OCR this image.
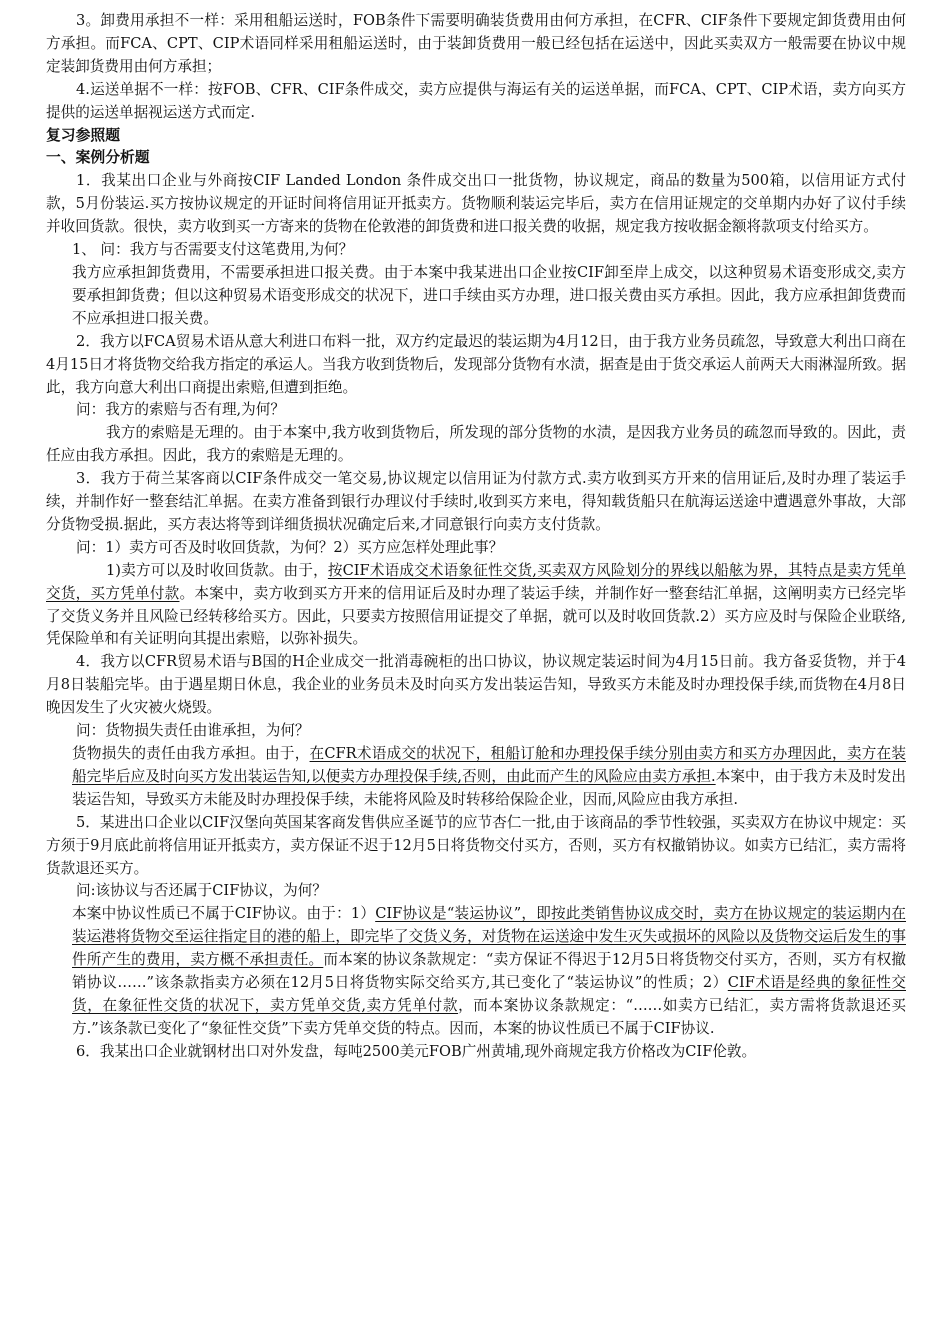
3。卸费用承担不一样：采用租船运送时，FOB条件下需要明确装货费用由何方承担，在CFR、CIF条件下要规定卸货费用由何方承担。而FCA、CPT、CIP术语同样采用租船运送时，由于装卸货费用一般已经包括在运送中，因此买卖双方一般需要在协议中规定装卸货费用由何方承担；

4.运送单据不一样：按FOB、CFR、CIF条件成交，卖方应提供与海运有关的运送单据，而FCA、CPT、CIP术语，卖方向买方提供的运送单据视运送方式而定.

复习参照题

一、案例分析题

1．我某出口企业与外商按CIF Landed London 条件成交出口一批货物，协议规定，商品的数量为500箱，以信用证方式付款，5月份装运.买方按协议规定的开证时间将信用证开抵卖方。货物顺利装运完毕后，卖方在信用证规定的交单期内办好了议付手续并收回货款。很快，卖方收到买一方寄来的货物在伦敦港的卸货费和进口报关费的收据，规定我方按收据金额将款项支付给买方。

1、 问：我方与否需要支付这笔费用,为何？

我方应承担卸货费用，不需要承担进口报关费。由于本案中我某进出口企业按CIF卸至岸上成交，以这种贸易术语变形成交,卖方要承担卸货费；但以这种贸易术语变形成交的状况下，进口手续由买方办理，进口报关费由买方承担。因此，我方应承担卸货费而不应承担进口报关费。

2．我方以FCA贸易术语从意大利进口布料一批，双方约定最迟的装运期为4月12日，由于我方业务员疏忽，导致意大利出口商在4月15日才将货物交给我方指定的承运人。当我方收到货物后，发现部分货物有水渍，据查是由于货交承运人前两天大雨淋湿所致。据此，我方向意大利出口商提出索赔,但遭到拒绝。

问：我方的索赔与否有理,为何？

我方的索赔是无理的。由于本案中,我方收到货物后，所发现的部分货物的水渍，是因我方业务员的疏忽而导致的。因此，责任应由我方承担。因此，我方的索赔是无理的。

3．我方于荷兰某客商以CIF条件成交一笔交易,协议规定以信用证为付款方式.卖方收到买方开来的信用证后,及时办理了装运手续，并制作好一整套结汇单据。在卖方准备到银行办理议付手续时,收到买方来电，得知载货船只在航海运送途中遭遇意外事故，大部分货物受损.据此，买方表达将等到详细货损状况确定后来,才同意银行向卖方支付货款。

问：1）卖方可否及时收回货款，为何？2）买方应怎样处理此事？

1)卖方可以及时收回货款。由于，按CIF术语成交术语象征性交货,买卖双方风险划分的界线以船舷为界，其特点是卖方凭单交货，买方凭单付款。本案中，卖方收到买方开来的信用证后及时办理了装运手续，并制作好一整套结汇单据，这阐明卖方已经完毕了交货义务并且风险已经转移给买方。因此，只要卖方按照信用证提交了单据，就可以及时收回货款.2）买方应及时与保险企业联络,凭保险单和有关证明向其提出索赔，以弥补损失。

4．我方以CFR贸易术语与B国的H企业成交一批消毒碗柜的出口协议，协议规定装运时间为4月15日前。我方备妥货物，并于4月8日装船完毕。由于遇星期日休息，我企业的业务员未及时向买方发出装运告知，导致买方未能及时办理投保手续,而货物在4月8日晚因发生了火灾被火烧毁。

问：货物损失责任由谁承担，为何？

货物损失的责任由我方承担。由于，在CFR术语成交的状况下，租船订舱和办理投保手续分别由卖方和买方办理因此，卖方在装船完毕后应及时向买方发出装运告知,以便卖方办理投保手续,否则，由此而产生的风险应由卖方承担.本案中，由于我方未及时发出装运告知，导致买方未能及时办理投保手续，未能将风险及时转移给保险企业，因而,风险应由我方承担.

5．某进出口企业以CIF汉堡向英国某客商发售供应圣诞节的应节杏仁一批,由于该商品的季节性较强，买卖双方在协议中规定：买方须于9月底此前将信用证开抵卖方，卖方保证不迟于12月5日将货物交付买方，否则，买方有权撤销协议。如卖方已结汇，卖方需将货款退还买方。

问:该协议与否还属于CIF协议，为何？

本案中协议性质已不属于CIF协议。由于：1）CIF协议是“装运协议”，即按此类销售协议成交时，卖方在协议规定的装运期内在装运港将货物交至运往指定目的港的船上，即完毕了交货义务，对货物在运送途中发生灭失或损坏的风险以及货物交运后发生的事件所产生的费用，卖方概不承担责任。而本案的协议条款规定：“卖方保证不得迟于12月5日将货物交付买方，否则，买方有权撤销协议……”该条款指卖方必须在12月5日将货物实际交给买方,其已变化了“装运协议”的性质；2）CIF术语是经典的象征性交货，在象征性交货的状况下，卖方凭单交货,卖方凭单付款，而本案协议条款规定：“……如卖方已结汇，卖方需将货款退还买方.”该条款已变化了“象征性交货”下卖方凭单交货的特点。因而，本案的协议性质已不属于CIF协议.

6．我某出口企业就钢材出口对外发盘，每吨2500美元FOB广州黄埔,现外商规定我方价格改为CIF伦敦。
